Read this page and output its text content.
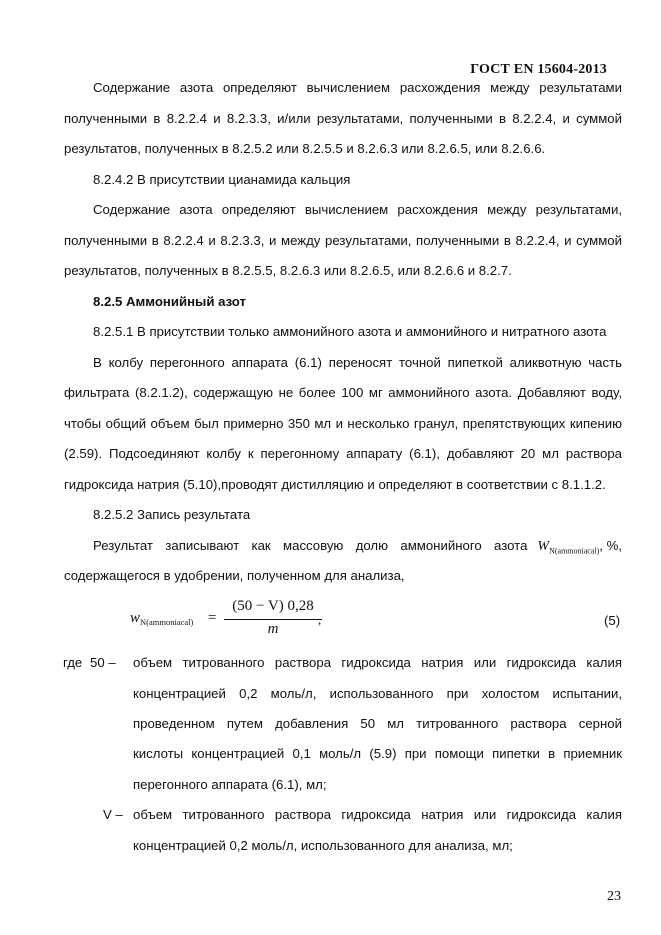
ГОСТ EN 15604-2013
Содержание азота определяют вычислением расхождения между результатами
полученными в 8.2.2.4 и 8.2.3.3, и/или результатами, полученными в 8.2.2.4, и суммой
результатов, полученных в 8.2.5.2 или 8.2.5.5 и 8.2.6.3 или 8.2.6.5, или 8.2.6.6.
8.2.4.2 В присутствии цианамида кальция
Содержание азота определяют вычислением расхождения между результатами,
полученными в 8.2.2.4 и 8.2.3.3, и между результатами, полученными в 8.2.2.4, и суммой
результатов, полученных в 8.2.5.5, 8.2.6.3 или 8.2.6.5, или 8.2.6.6 и 8.2.7.
8.2.5 Аммонийный азот
8.2.5.1 В присутствии только аммонийного азота и аммонийного и нитратного азота
В колбу перегонного аппарата (6.1) переносят точной пипеткой аликвотную часть
фильтрата (8.2.1.2), содержащую не более 100 мг аммонийного азота. Добавляют воду,
чтобы общий объем был примерно 350 мл и несколько гранул, препятствующих кипению
(2.59). Подсоединяют колбу к перегонному аппарату (6.1), добавляют 20 мл раствора
гидроксида натрия (5.10),проводят дистилляцию и определяют в соответствии с 8.1.1.2.
8.2.5.2 Запись результата
Результат записывают как массовую долю аммонийного азота $W_{N(ammoniacal)}$, %,
содержащегося в удобрении, полученном для анализа,
$w_{N(ammoniacal)}$ =
(50 − V) 0,28
m
,	(5)
где 50 – объем титрованного раствора гидроксида натрия или гидроксида калия
концентрацией 0,2 моль/л, использованного при холостом испытании,
проведенном путем добавления 50 мл титрованного раствора серной
кислоты концентрацией 0,1 моль/л (5.9) при помощи пипетки в приемник
перегонного аппарата (6.1), мл;
V – объем титрованного раствора гидроксида натрия или гидроксида калия
концентрацией 0,2 моль/л, использованного для анализа, мл;
23
